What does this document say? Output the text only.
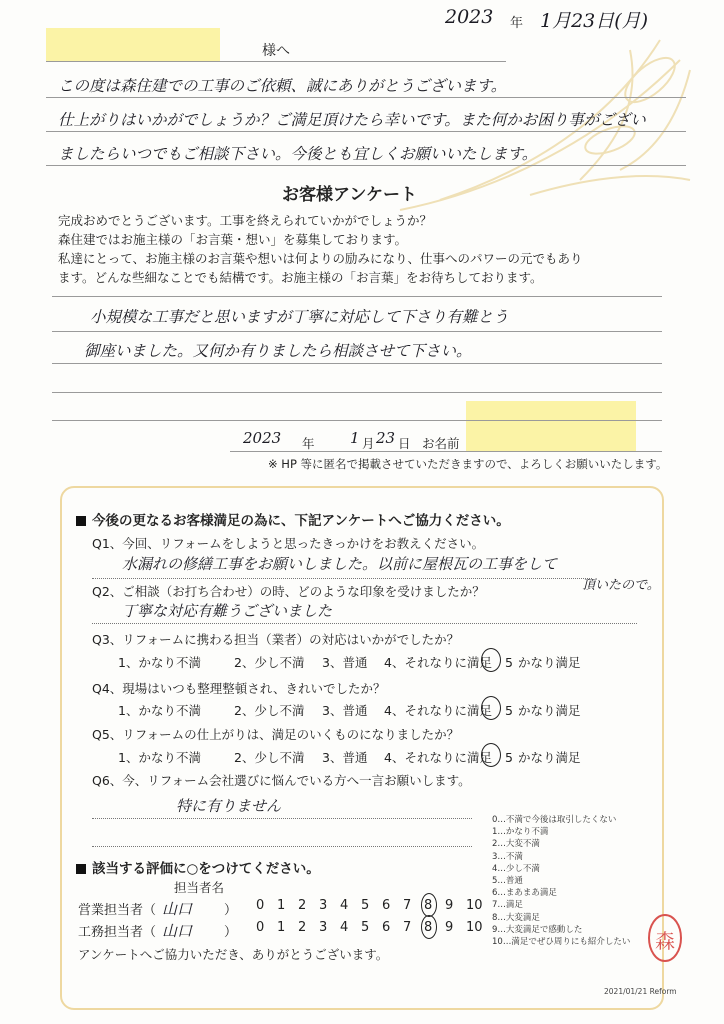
2023 年 1月23日(月)
様へ
この度は森住建での工事のご依頼、誠にありがとうございます。
仕上がりはいかがでしょうか？ご満足頂けたら幸いです。また何かお困り事がござい
ましたらいつでもご相談下さい。今後とも宜しくお願いいたします。
お客様アンケート
完成おめでとうございます。工事を終えられていかがでしょうか？
森住建ではお施主様の「お言葉・想い」を募集しております。
私達にとって、お施主様のお言葉や想いは何よりの励みになり、仕事へのパワーの元でもあり
ます。どんな些細なことでも結構です。お施主様の「お言葉」をお待ちしております。
小規模な工事だと思いますが丁寧に対応して下さり有難とう
御座いました。又何か有りましたら相談させて下さい。
2023 年 1 月 23 日 お名前
※ HP 等に匿名で掲載させていただきますので、よろしくお願いいたします。
今後の更なるお客様満足の為に、下記アンケートへご協力ください。
Q1、今回、リフォームをしようと思ったきっかけをお教えください。
水漏れの修繕工事をお願いしました。以前に屋根瓦の工事をして
頂いたので。
Q2、ご相談（お打ち合わせ）の時、どのような印象を受けましたか？
丁寧な対応有難うございました
Q3、リフォームに携わる担当（業者）の対応はいかがでしたか？
1、かなり不満	2、少し不満 3、普通 4、それなりに満足 5 かなり満足
Q4、現場はいつも整理整頓され、きれいでしたか？
1、かなり不満	2、少し不満 3、普通 4、それなりに満足 5 かなり満足
Q5、リフォームの仕上がりは、満足のいくものになりましたか？
1、かなり不満	2、少し不満 3、普通 4、それなりに満足 5 かなり満足
Q6、今、リフォーム会社選びに悩んでいる方へ一言お願いします。
特に有りません
0…不満で今後は取引したくない
1…かなり不満
2…大変不満
3…不満
4…少し不満
5…普通
6…まあまあ満足
7…満足
8…大変満足
9…大変満足で感動した
10…満足でぜひ周りにも紹介したい
該当する評価に○をつけてください。
担当者名
営業担当者（ 山口 ） 0 1 2 3 4 5 6 7 8 9 10
工務担当者（ 山口 ） 0 1 2 3 4 5 6 7 8 9 10
アンケートへご協力いただき、ありがとうございます。
森
2021/01/21 Reform
